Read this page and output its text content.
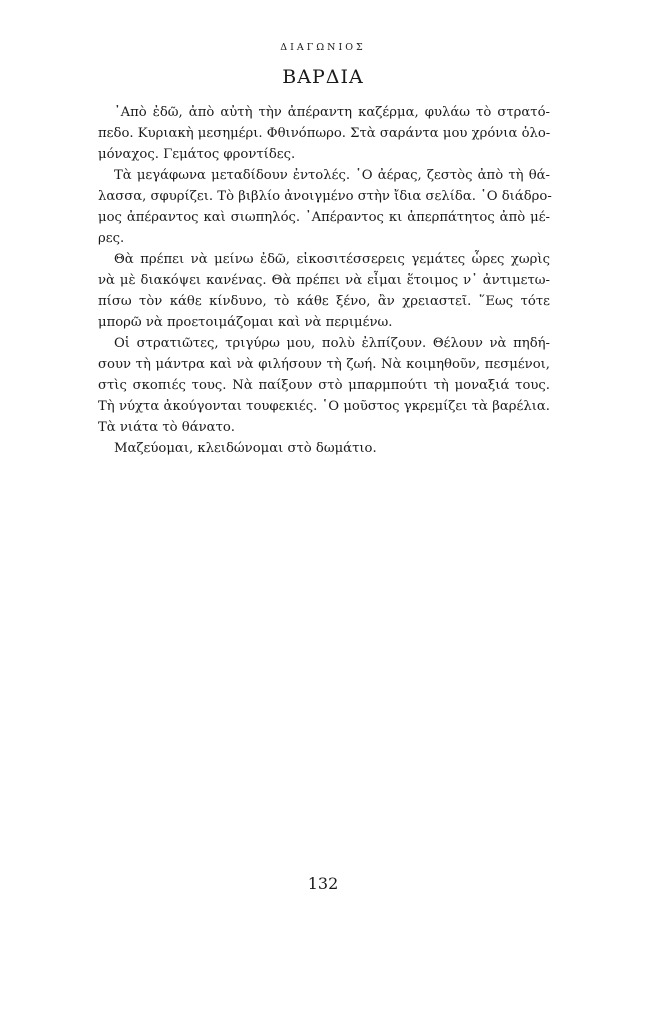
ΔΙΑΓΩΝΙΟΣ
ΒΑΡΔΙΑ
᾿Απὸ ἐδῶ, ἀπὸ αὐτὴ τὴν ἀπέραντη καζέρμα, φυλάω τὸ στρατό-
πεδο. Κυριακὴ μεσημέρι. Φθινόπωρο. Στὰ σαράντα μου χρόνια ὁλο-
μόναχος. Γεμάτος φροντίδες.
Τὰ μεγάφωνα μεταδίδουν ἐντολές. ῾Ο ἀέρας, ζεστὸς ἀπὸ τὴ θά-
λασσα, σφυρίζει. Τὸ βιβλίο ἀνοιγμένο στὴν ἴδια σελίδα. ῾Ο διάδρο-
μος ἀπέραντος καὶ σιωπηλός. ᾿Απέραντος κι ἀπερπάτητος ἀπὸ μέ-
ρες.
Θὰ πρέπει νὰ μείνω ἐδῶ, εἰκοσιτέσσερεις γεμάτες ὧρες χωρὶς
νὰ μὲ διακόψει κανένας. Θὰ πρέπει νὰ εἶμαι ἕτοιμος ν᾿ ἀντιμετω-
πίσω τὸν κάθε κίνδυνο, τὸ κάθε ξένο, ἂν χρειαστεῖ. ῞Εως τότε
μπορῶ νὰ προετοιμάζομαι καὶ νὰ περιμένω.
Οἱ στρατιῶτες, τριγύρω μου, πολὺ ἐλπίζουν. Θέλουν νὰ πηδή-
σουν τὴ μάντρα καὶ νὰ φιλήσουν τὴ ζωή. Νὰ κοιμηθοῦν, πεσμένοι,
στὶς σκοπιές τους. Νὰ παίξουν στὸ μπαρμπούτι τὴ μοναξιά τους.
Τὴ νύχτα ἀκούγονται τουφεκιές. ῾Ο μοῦστος γκρεμίζει τὰ βαρέλια.
Τὰ νιάτα τὸ θάνατο.
Μαζεύομαι, κλειδώνομαι στὸ δωμάτιο.
132
